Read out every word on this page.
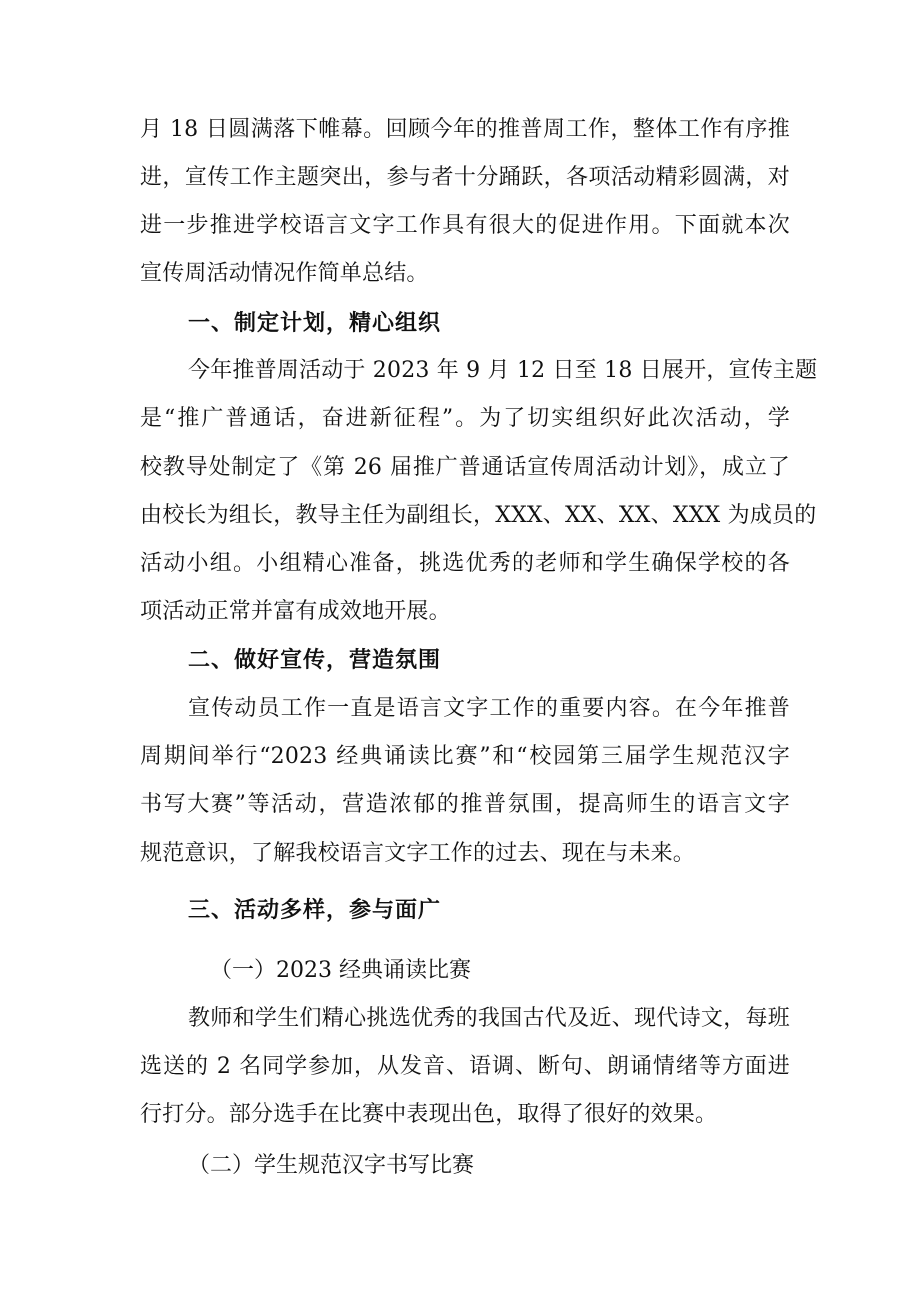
月 18 日圆满落下帷幕。回顾今年的推普周工作，整体工作有序推
进，宣传工作主题突出，参与者十分踊跃，各项活动精彩圆满，对
进一步推进学校语言文字工作具有很大的促进作用。下面就本次
宣传周活动情况作简单总结。
一、制定计划，精心组织
今年推普周活动于 2023 年 9 月 12 日至 18 日展开，宣传主题
是“推广普通话，奋进新征程”。为了切实组织好此次活动，学
校教导处制定了《第 26 届推广普通话宣传周活动计划》，成立了
由校长为组长，教导主任为副组长，XXX、XX、XX、XXX 为成员的
活动小组。小组精心准备，挑选优秀的老师和学生确保学校的各
项活动正常并富有成效地开展。
二、做好宣传，营造氛围
宣传动员工作一直是语言文字工作的重要内容。在今年推普
周期间举行“2023 经典诵读比赛”和“校园第三届学生规范汉字
书写大赛”等活动，营造浓郁的推普氛围，提高师生的语言文字
规范意识，了解我校语言文字工作的过去、现在与未来。
三、活动多样，参与面广
（一）2023 经典诵读比赛
教师和学生们精心挑选优秀的我国古代及近、现代诗文，每班
选送的 2 名同学参加，从发音、语调、断句、朗诵情绪等方面进
行打分。部分选手在比赛中表现出色，取得了很好的效果。
（二）学生规范汉字书写比赛
